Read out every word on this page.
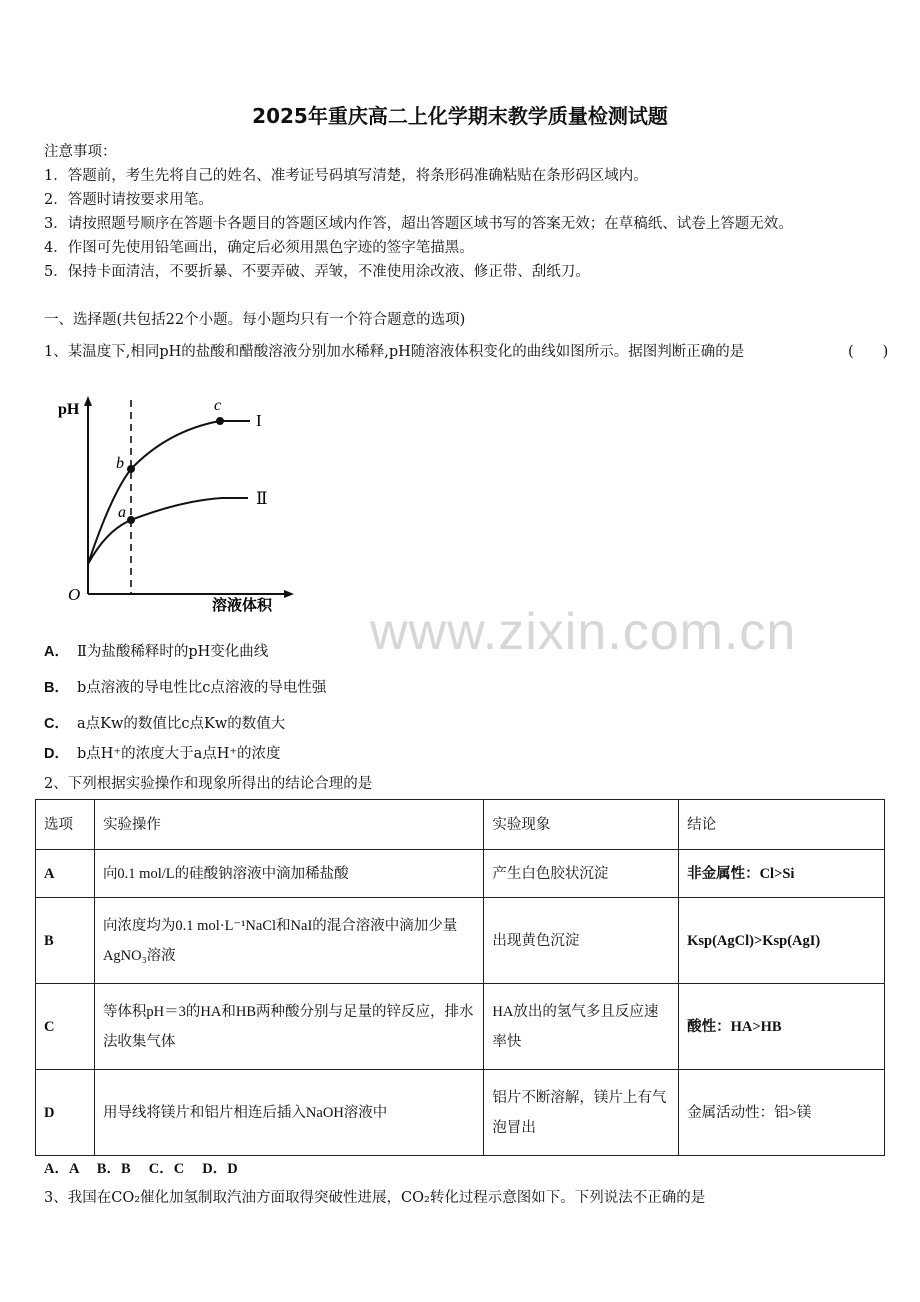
2025年重庆高二上化学期末教学质量检测试题
注意事项：
1．答题前，考生先将自己的姓名、准考证号码填写清楚，将条形码准确粘贴在条形码区域内。
2．答题时请按要求用笔。
3．请按照题号顺序在答题卡各题目的答题区域内作答，超出答题区域书写的答案无效；在草稿纸、试卷上答题无效。
4．作图可先使用铅笔画出，确定后必须用黑色字迹的签字笔描黑。
5．保持卡面清洁，不要折暴、不要弄破、弄皱，不准使用涂改液、修正带、刮纸刀。
一、选择题(共包括22个小题。每小题均只有一个符合题意的选项)
1、某温度下,相同pH的盐酸和醋酸溶液分别加水稀释,pH随溶液体积变化的曲线如图所示。据图判断正确的是	(　　)
pH
O
溶液体积
I
Ⅱ
b
a
c
www.zixin.com.cn
A． Ⅱ为盐酸稀释时的pH变化曲线
B． b点溶液的导电性比c点溶液的导电性强
C． a点Kw的数值比c点Kw的数值大
D． b点H⁺的浓度大于a点H⁺的浓度
2、下列根据实验操作和现象所得出的结论合理的是
选项	实验操作	实验现象	结论
A	向0.1 mol/L的硅酸钠溶液中滴加稀盐酸	产生白色胶状沉淀	非金属性：Cl>Si
B	向浓度均为0.1 mol·L⁻¹NaCl和NaI的混合溶液中滴加少量AgNO₃溶液	出现黄色沉淀	Ksp(AgCl)>Ksp(AgI)
C	等体积pH＝3的HA和HB两种酸分别与足量的锌反应，排水法收集气体	HA放出的氢气多且反应速率快	酸性：HA>HB
D	用导线将镁片和铝片相连后插入NaOH溶液中	铝片不断溶解，镁片上有气泡冒出	金属活动性：铝>镁
A．A　 B．B　 C．C　 D．D
3、我国在CO₂催化加氢制取汽油方面取得突破性进展，CO₂转化过程示意图如下。下列说法不正确的是
